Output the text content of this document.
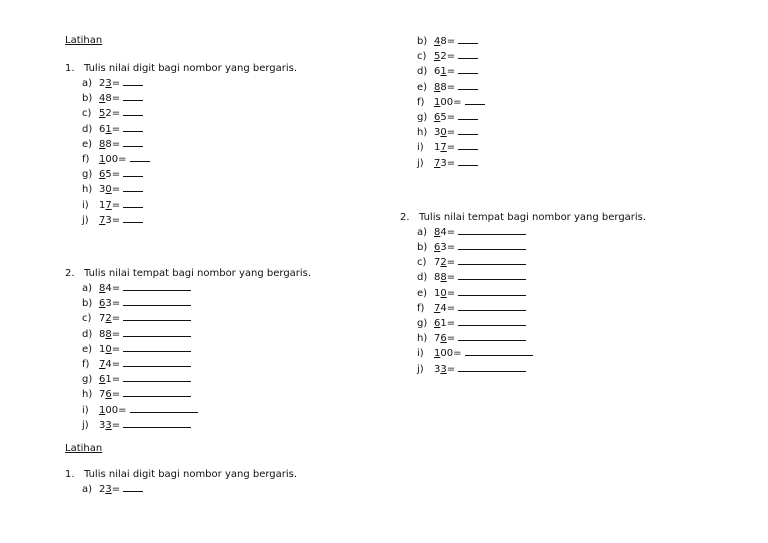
Latihan

1. Tulis nilai digit bagi nombor yang bergaris.

a) 23 =
b) 48 =
c) 52 =
d) 61 =
e) 88 =
f) 100 =
g) 65 =
h) 30 =
i)	17 =
j)	73 =

2. Tulis nilai tempat bagi nombor yang bergaris.

a) 84 =
b) 63 =
c) 72 =
d) 88 =
e) 10 =
f) 74 =
g) 61 =
h) 76 =
i)	100 =
j)	33 =

Latihan

1. Tulis nilai digit bagi nombor yang bergaris.

a) 23 =
b) 48 =
c) 52 =
d) 61 =
e) 88 =
f) 100 =
g) 65 =
h) 30 =
i)	17 =
j)	73 =

2. Tulis nilai tempat bagi nombor yang bergaris.

a) 84 =
b) 63 =
c) 72 =
d) 88 =
e) 10 =
f) 74 =
g) 61 =
h) 76 =
i)	100 =
j)	33 =
